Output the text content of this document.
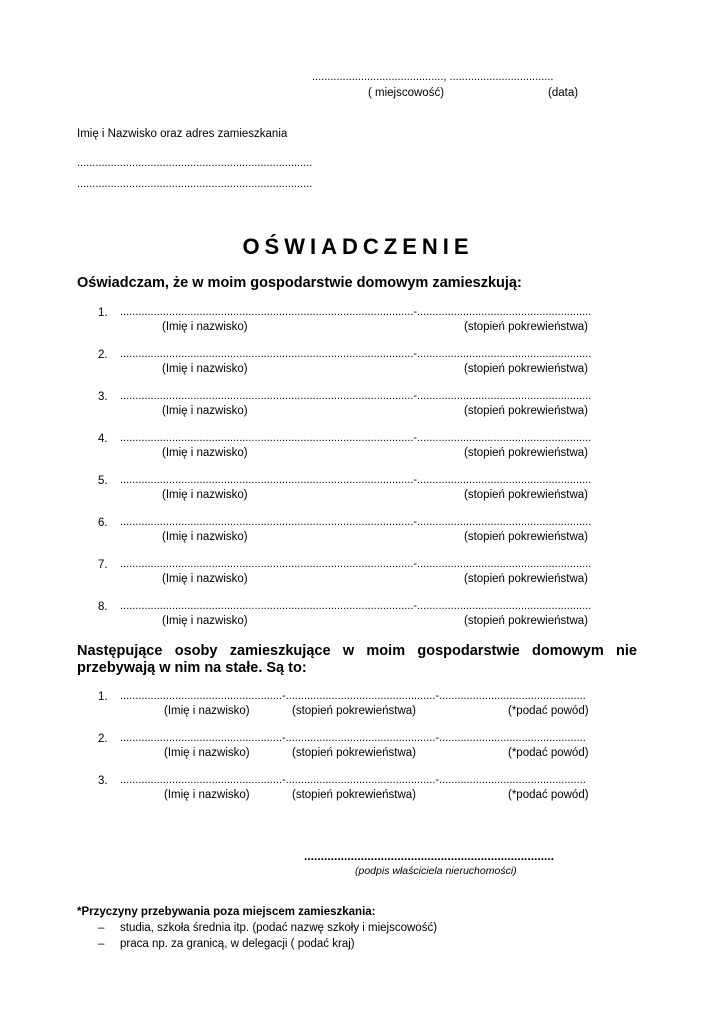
..........................................., ..................................
( miejscowość)	(data)
Imię i Nazwisko oraz adres zamieszkania
.............................................................................
.............................................................................
OŚWIADCZENIE
Oświadczam, że w moim gospodarstwie domowym zamieszkują:
1. ................................................................................................-.........................................................
(Imię i nazwisko)	(stopień pokrewieństwa)
2. ................................................................................................-.........................................................
(Imię i nazwisko)	(stopień pokrewieństwa)
3. ................................................................................................-.........................................................
(Imię i nazwisko)	(stopień pokrewieństwa)
4. ................................................................................................-.........................................................
(Imię i nazwisko)	(stopień pokrewieństwa)
5. ................................................................................................-.........................................................
(Imię i nazwisko)	(stopień pokrewieństwa)
6. ................................................................................................-.........................................................
(Imię i nazwisko)	(stopień pokrewieństwa)
7. ................................................................................................-.........................................................
(Imię i nazwisko)	(stopień pokrewieństwa)
8. ................................................................................................-.........................................................
(Imię i nazwisko)	(stopień pokrewieństwa)
Następujące osoby zamieszkujące w moim gospodarstwie domowym nie
przebywają w nim na stałe. Są to:
1. .....................................................-.................................................-................................................
(Imię i nazwisko)	(stopień pokrewieństwa)	(*podać powód)
2. .....................................................-.................................................-................................................
(Imię i nazwisko)	(stopień pokrewieństwa)	(*podać powód)
3. .....................................................-.................................................-................................................
(Imię i nazwisko)	(stopień pokrewieństwa)	(*podać powód)
...........................................................................
(podpis właściciela nieruchomości)
*Przyczyny przebywania poza miejscem zamieszkania:
– studia, szkoła średnia itp. (podać nazwę szkoły i miejscowość)
– praca np. za granicą, w delegacji ( podać kraj)
